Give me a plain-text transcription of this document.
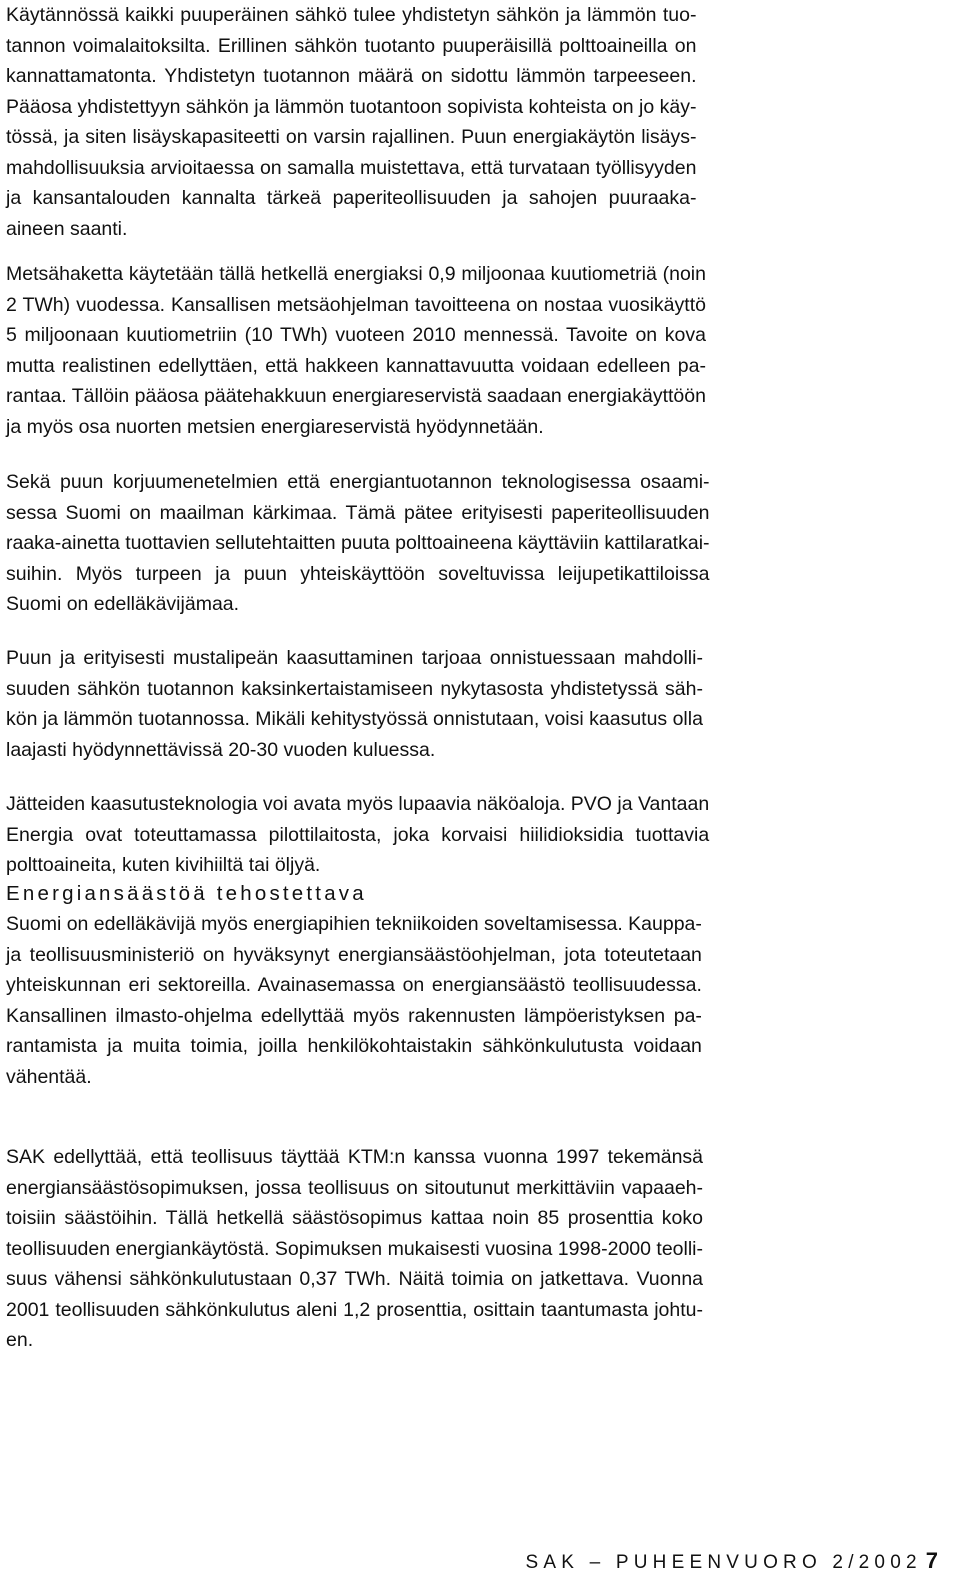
Käytännössä kaikki puuperäinen sähkö tulee yhdistetyn sähkön ja lämmön tuo-
tannon voimalaitoksilta. Erillinen sähkön tuotanto puuperäisillä polttoaineilla on
kannattamatonta. Yhdistetyn tuotannon määrä on sidottu lämmön tarpeeseen.
Pääosa yhdistettyyn sähkön ja lämmön tuotantoon sopivista kohteista on jo käy-
tössä, ja siten lisäyskapasiteetti on varsin rajallinen. Puun energiakäytön lisäys-
mahdollisuuksia arvioitaessa on samalla muistettava, että turvataan työllisyyden
ja kansantalouden kannalta tärkeä paperiteollisuuden ja sahojen puuraaka-
aineen saanti.
Metsähaketta käytetään tällä hetkellä energiaksi 0,9 miljoonaa kuutiometriä (noin
2 TWh) vuodessa. Kansallisen metsäohjelman tavoitteena on nostaa vuosikäyttö
5 miljoonaan kuutiometriin (10 TWh) vuoteen 2010 mennessä. Tavoite on kova
mutta realistinen edellyttäen, että hakkeen kannattavuutta voidaan edelleen pa-
rantaa. Tällöin pääosa päätehakkuun energiareservistä saadaan energiakäyttöön
ja myös osa nuorten metsien energiareservistä hyödynnetään.
Sekä puun korjuumenetelmien että energiantuotannon teknologisessa osaami-
sessa Suomi on maailman kärkimaa. Tämä pätee erityisesti paperiteollisuuden
raaka-ainetta tuottavien sellutehtaitten puuta polttoaineena käyttäviin kattilaratkai-
suihin. Myös turpeen ja puun yhteiskäyttöön soveltuvissa leijupetikattiloissa
Suomi on edelläkävijämaa.
Puun ja erityisesti mustalipeän kaasuttaminen tarjoaa onnistuessaan mahdolli-
suuden sähkön tuotannon kaksinkertaistamiseen nykytasosta yhdistetyssä säh-
kön ja lämmön tuotannossa. Mikäli kehitystyössä onnistutaan, voisi kaasutus olla
laajasti hyödynnettävissä 20-30 vuoden kuluessa.
Jätteiden kaasutusteknologia voi avata myös lupaavia näköaloja. PVO ja Vantaan
Energia ovat toteuttamassa pilottilaitosta, joka korvaisi hiilidioksidia tuottavia
polttoaineita, kuten kivihiiltä tai öljyä.
Energiansäästöä tehostettava
Suomi on edelläkävijä myös energiapihien tekniikoiden soveltamisessa. Kauppa-
ja teollisuusministeriö on hyväksynyt energiansäästöohjelman, jota toteutetaan
yhteiskunnan eri sektoreilla. Avainasemassa on energiansäästö teollisuudessa.
Kansallinen ilmasto-ohjelma edellyttää myös rakennusten lämpöeristyksen pa-
rantamista ja muita toimia, joilla henkilökohtaistakin sähkönkulutusta voidaan
vähentää.
SAK edellyttää, että teollisuus täyttää KTM:n kanssa vuonna 1997 tekemänsä
energiansäästösopimuksen, jossa teollisuus on sitoutunut merkittäviin vapaaeh-
toisiin säästöihin. Tällä hetkellä säästösopimus kattaa noin 85 prosenttia koko
teollisuuden energiankäytöstä. Sopimuksen mukaisesti vuosina 1998-2000 teolli-
suus vähensi sähkönkulutustaan 0,37 TWh. Näitä toimia on jatkettava. Vuonna
2001 teollisuuden sähkönkulutus aleni 1,2 prosenttia, osittain taantumasta johtu-
en.
SAK – PUHEENVUORO 2/2002 7
